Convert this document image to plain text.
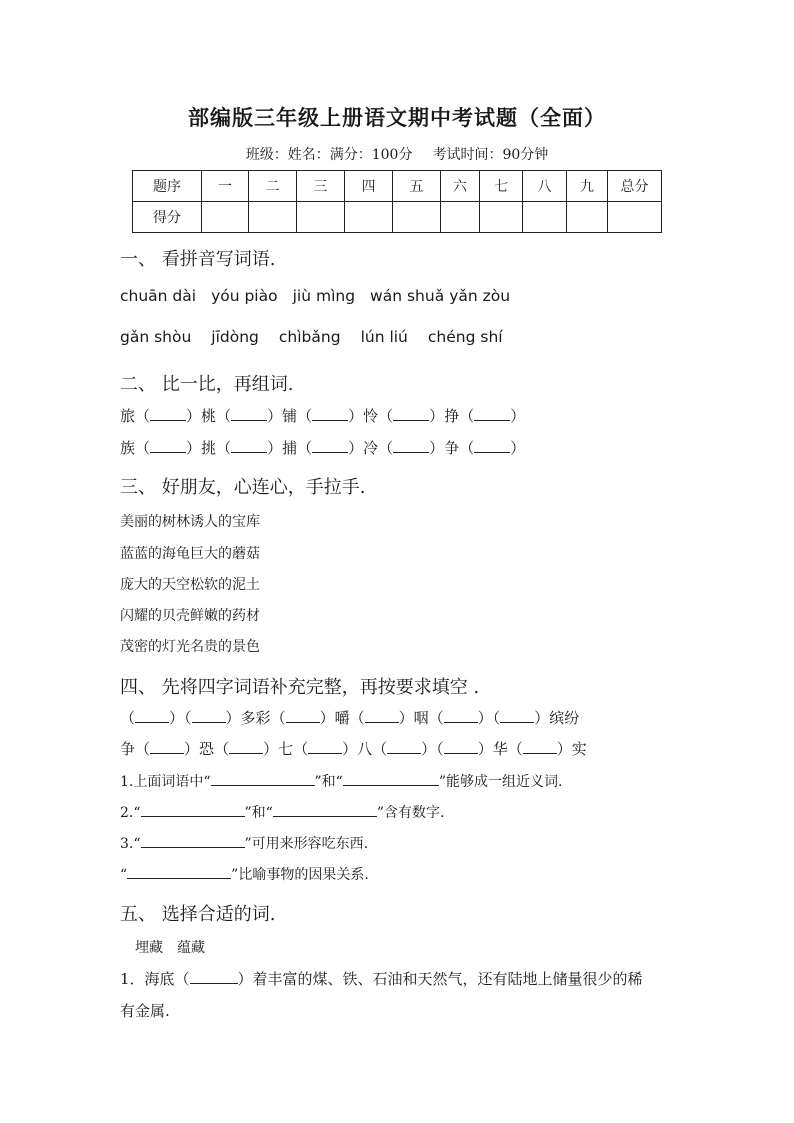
部编版三年级上册语文期中考试题（全面）
班级：姓名：满分：100分 考试时间：90分钟
题序	一	二	三	四	五	六	七	八	九	总分
得分										
一、 看拼音写词语.
chuān dài yóu piào jiù mìng wán shuǎ yǎn zòu
gǎn shòu jīdòng chìbǎng lún liú chéng shí
二、 比一比，再组词.
旅（ ）桃（ ）铺（ ）怜（ ）挣（ ）
族（ ）挑（ ）捕（ ）冷（ ）争（ ）
三、 好朋友，心连心，手拉手.
美丽的树林诱人的宝库
蓝蓝的海龟巨大的蘑菇
庞大的天空松软的泥土
闪耀的贝壳鲜嫩的药材
茂密的灯光名贵的景色
四、 先将四字词语补充完整，再按要求填空 .
（ ）（ ）多彩（ ）嚼（ ）咽（ ）（ ）缤纷
争（ ）恐（ ）七（ ）八（ ）（ ）华（ ）实
1.上面词语中“	”和“	”能够成一组近义词.
2.“	”和“	”含有数字.
3.“	”可用来形容吃东西.
“	”比喻事物的因果关系.
五、 选择合适的词.
埋藏　蕴藏
1．海底（	）着丰富的煤、铁、石油和天然气，还有陆地上储量很少的稀
有金属.
